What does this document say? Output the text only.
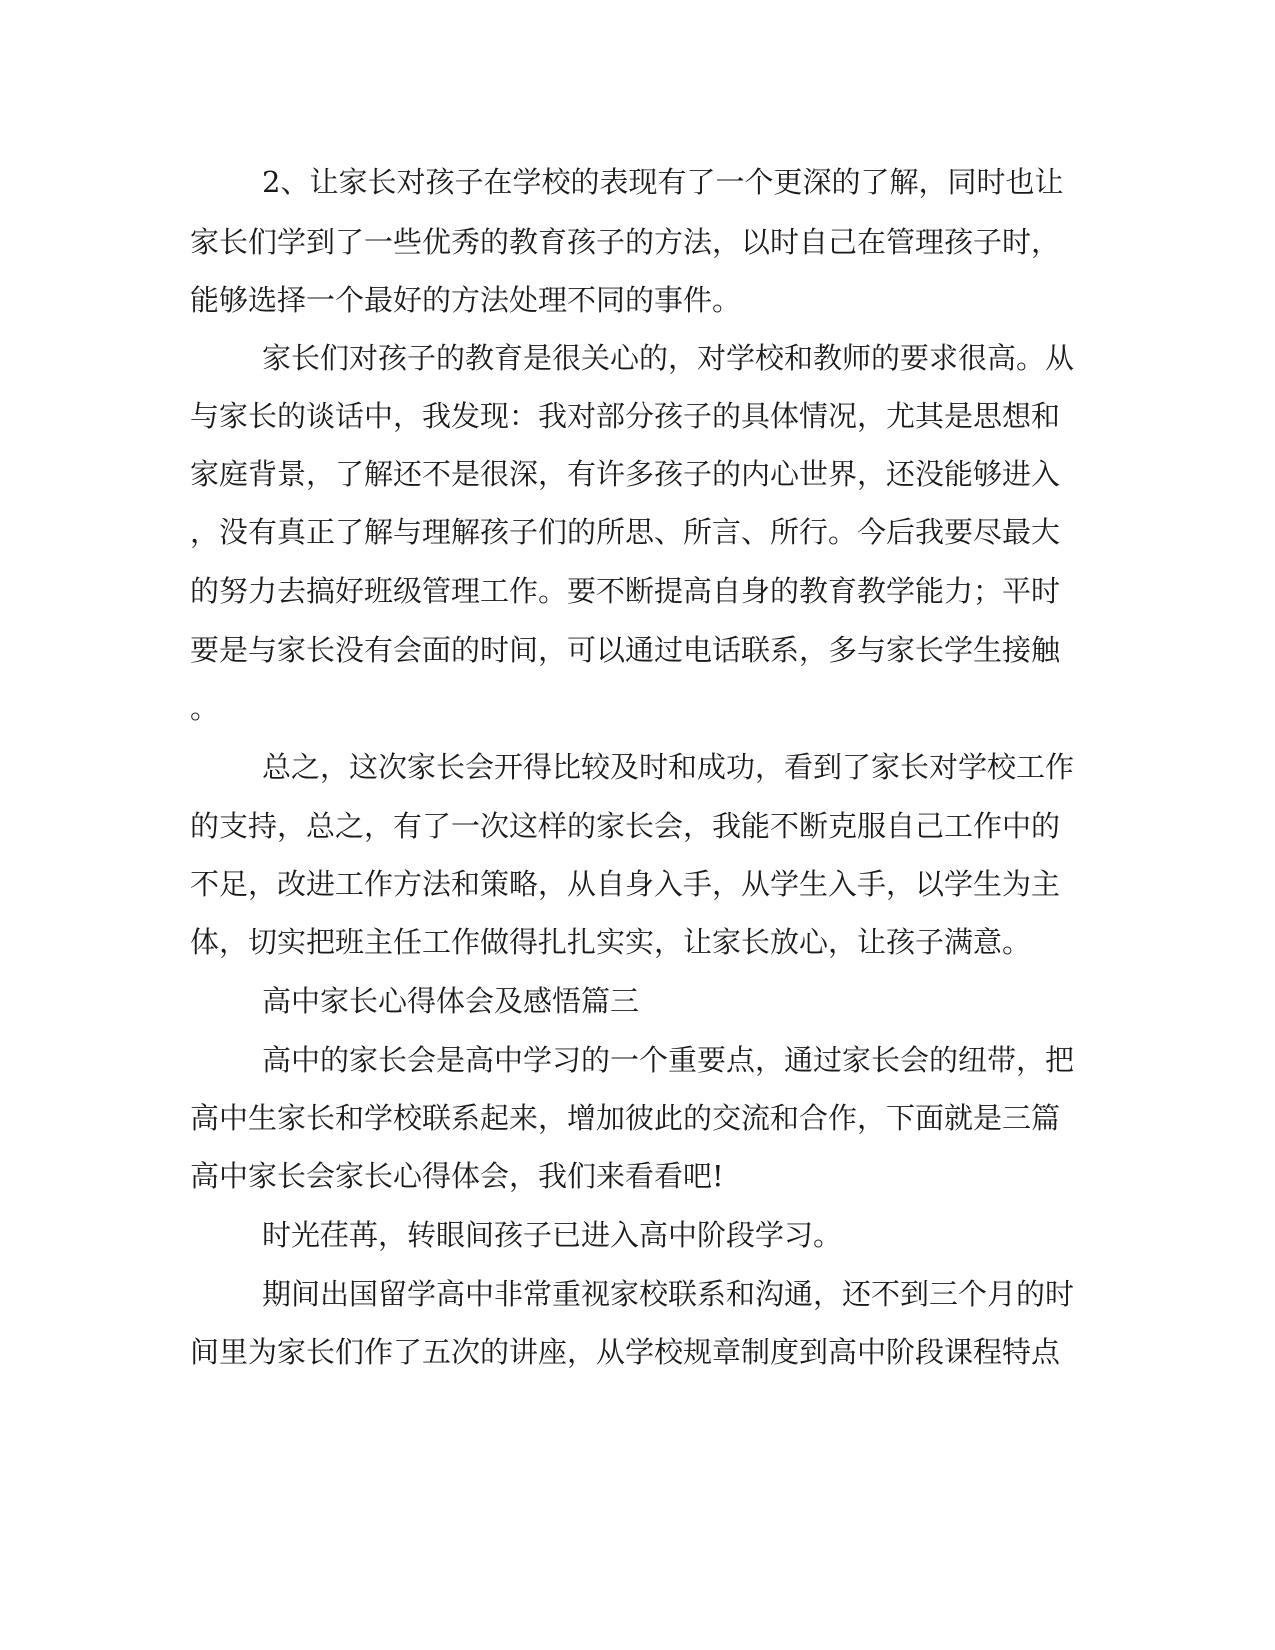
2、让家长对孩子在学校的表现有了一个更深的了解，同时也让
家长们学到了一些优秀的教育孩子的方法，以时自己在管理孩子时，
能够选择一个最好的方法处理不同的事件。
家长们对孩子的教育是很关心的，对学校和教师的要求很高。从
与家长的谈话中，我发现：我对部分孩子的具体情况，尤其是思想和
家庭背景，了解还不是很深，有许多孩子的内心世界，还没能够进入
，没有真正了解与理解孩子们的所思、所言、所行。今后我要尽最大
的努力去搞好班级管理工作。要不断提高自身的教育教学能力；平时
要是与家长没有会面的时间，可以通过电话联系，多与家长学生接触
。
总之，这次家长会开得比较及时和成功，看到了家长对学校工作
的支持，总之，有了一次这样的家长会，我能不断克服自己工作中的
不足，改进工作方法和策略，从自身入手，从学生入手，以学生为主
体，切实把班主任工作做得扎扎实实，让家长放心，让孩子满意。
高中家长心得体会及感悟篇三
高中的家长会是高中学习的一个重要点，通过家长会的纽带，把
高中生家长和学校联系起来，增加彼此的交流和合作，下面就是三篇
高中家长会家长心得体会，我们来看看吧!
时光荏苒，转眼间孩子已进入高中阶段学习。
期间出国留学高中非常重视家校联系和沟通，还不到三个月的时
间里为家长们作了五次的讲座，从学校规章制度到高中阶段课程特点
